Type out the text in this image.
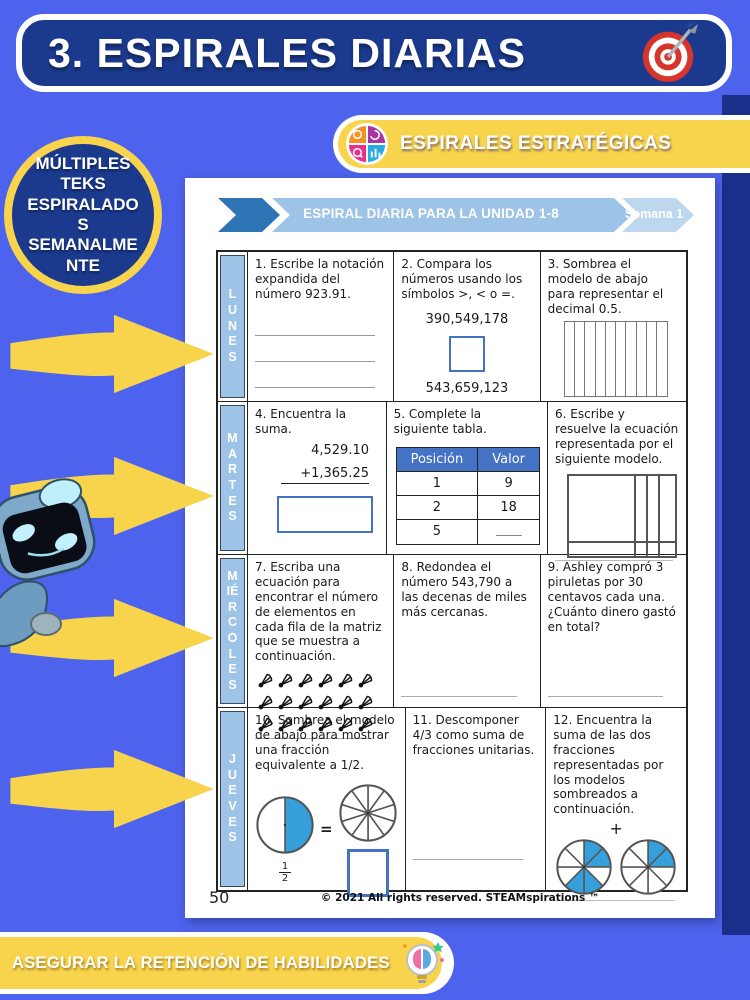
3. ESPIRALES DIARIAS
ESPIRALES ESTRATÉGICAS
MÚLTIPLES TEKS ESPIRALADOS SEMANALMENTE
ESPIRAL DIARIA PARA LA UNIDAD 1-8	Semana 1
LUNES
1. Escribe la notación expandida del número 923.91.
2. Compara los números usando los símbolos >, < o =.
390,549,178
543,659,123
3. Sombrea el modelo de abajo para representar el decimal 0.5.
MARTES
4. Encuentra la suma.
4,529.10
+1,365.25
5. Complete la siguiente tabla.
Posición	Valor
1	9
2	18
5	
6. Escribe y resuelve la ecuación representada por el siguiente modelo.
MIÉRCOLES
7. Escriba una ecuación para encontrar el número de elementos en cada fila de la matriz que se muestra a continuación.
8. Redondea el número 543,790 a las decenas de miles más cercanas.
9. Ashley compró 3 piruletas por 30 centavos cada una. ¿Cuánto dinero gastó en total?
JUEVES
10. Sombrea el modelo de abajo para mostrar una fracción equivalente a 1/2.
$\frac{1}{2}$
=
11. Descomponer 4/3 como suma de fracciones unitarias.
12. Encuentra la suma de las dos fracciones representadas por los modelos sombreados a continuación.
+
50	© 2021 All rights reserved. STEAMspirations ™
ASEGURAR LA RETENCIÓN DE HABILIDADES
